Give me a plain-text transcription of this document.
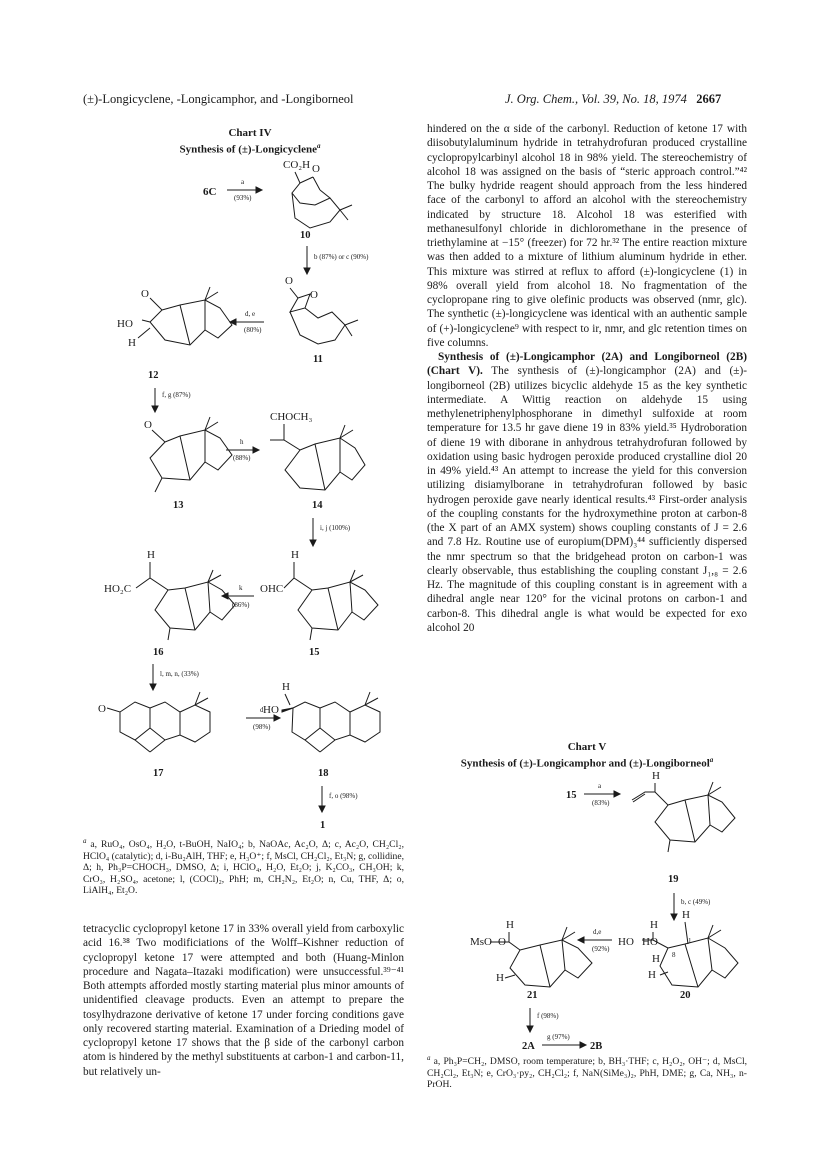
(±)-Longicyclene, -Longicamphor, and -Longiborneol	J. Org. Chem., Vol. 39, No. 18, 1974 2667
Chart IV
Synthesis of (±)-Longicyclene$^a$
6C
a
(93%)
CO₂H O
10
b (87%) or c (90%)
O
HO
H
12
d, e
(80%)
O
O
11
f, g (87%)
O
13
h
(88%)
CHOCH₃
14
i, j (100%)
H
HO₂C
16
k
(86%)
H
OHC
15
l, m, n, (33%)
O
17
d
(98%)
H
HO
18
f, o (98%)
1
$^a$ a, RuO₄, OsO₄, H₂O, t-BuOH, NaIO₄; b, NaOAc, Ac₂O, Δ; c, Ac₂O, CH₂Cl₂, HClO₄ (catalytic); d, i-Bu₂AlH, THF; e, H₃O⁺; f, MsCl, CH₂Cl₂, Et₃N; g, collidine, Δ; h, Ph₃P=CHOCH₃, DMSO, Δ; i, HClO₄, H₂O, Et₂O; j, K₂CO₃, CH₃OH; k, CrO₃, H₂SO₄, acetone; l, (COCl)₂, PhH; m, CH₂N₂, Et₂O; n, Cu, THF, Δ; o, LiAlH₄, Et₂O.

tetracyclic cyclopropyl ketone 17 in 33% overall yield from carboxylic acid 16.³⁸ Two modificiations of the Wolff–Kishner reduction of cyclopropyl ketone 17 were attempted and both (Huang-Minlon procedure and Nagata–Itazaki modification) were unsuccessful.³⁹⁻⁴¹ Both attempts afforded mostly starting material plus minor amounts of unidentified cleavage products. Even an attempt to prepare the tosylhydrazone derivative of ketone 17 under forcing conditions gave only recovered starting material. Examination of a Drieding model of cyclopropyl ketone 17 shows that the β side of the carbonyl carbon atom is hindered by the methyl substituents at carbon-1 and carbon-11, but relatively un-

hindered on the α side of the carbonyl. Reduction of ketone 17 with diisobutylaluminum hydride in tetrahydrofuran produced crystalline cyclopropylcarbinyl alcohol 18 in 98% yield. The stereochemistry of alcohol 18 was assigned on the basis of “steric approach control.”⁴² The bulky hydride reagent should approach from the less hindered face of the carbonyl to afford an alcohol with the stereochemistry indicated by structure 18. Alcohol 18 was esterified with methanesulfonyl chloride in dichloromethane in the presence of triethylamine at −15° (freezer) for 72 hr.³² The entire reaction mixture was then added to a mixture of lithium aluminum hydride in ether. This mixture was stirred at reflux to afford (±)-longicyclene (1) in 98% overall yield from alcohol 18. No fragmentation of the cyclopropane ring to give olefinic products was observed (nmr, glc). The synthetic (±)-longicyclene was identical with an authentic sample of (+)-longicyclene⁹ with respect to ir, nmr, and glc retention times on five columns.

Synthesis of (±)-Longicamphor (2A) and Longiborneol (2B) (Chart V). The synthesis of (±)-longicamphor (2A) and (±)-longiborneol (2B) utilizes bicyclic aldehyde 15 as the key synthetic intermediate. A Wittig reaction on aldehyde 15 using methylenetriphenylphosphorane in dimethyl sulfoxide at room temperature for 13.5 hr gave diene 19 in 83% yield.³⁵ Hydroboration of diene 19 with diborane in anhydrous tetrahydrofuran followed by oxidation using basic hydrogen peroxide produced crystalline diol 20 in 49% yield.⁴³ An attempt to increase the yield for this conversion utilizing disiamylborane in tetrahydrofuran followed by basic hydrogen peroxide gave nearly identical results.⁴³ First-order analysis of the coupling constants for the hydroxymethine proton at carbon-8 (the X part of an AMX system) shows coupling constants of J = 2.6 and 7.8 Hz. Routine use of europium(DPM)₃⁴⁴ sufficiently dispersed the nmr spectrum so that the bridgehead proton on carbon-1 was clearly observable, thus establishing the coupling constant J₁,₈ = 2.6 Hz. The magnitude of this coupling constant is in agreement with a dihedral angle near 120° for the vicinal protons on carbon-1 and carbon-8. This dihedral angle is what would be expected for exo alcohol 20

Chart V
Synthesis of (±)-Longicamphor and (±)-Longiborneol$^a$
15
a
(83%)
H
19
b, c (49%)
H
MsO O
H
21
d,e
(92%)
H
H
HO HO
H
H
1
8
20
f (98%)
2A
g (97%)
2B
$^a$ a, Ph₃P=CH₂, DMSO, room temperature; b, BH₃·THF; c, H₂O₂, OH⁻; d, MsCl, CH₂Cl₂, Et₃N; e, CrO₃·py₂, CH₂Cl₂; f, NaN(SiMe₃)₂, PhH, DME; g, Ca, NH₃, n-PrOH.
